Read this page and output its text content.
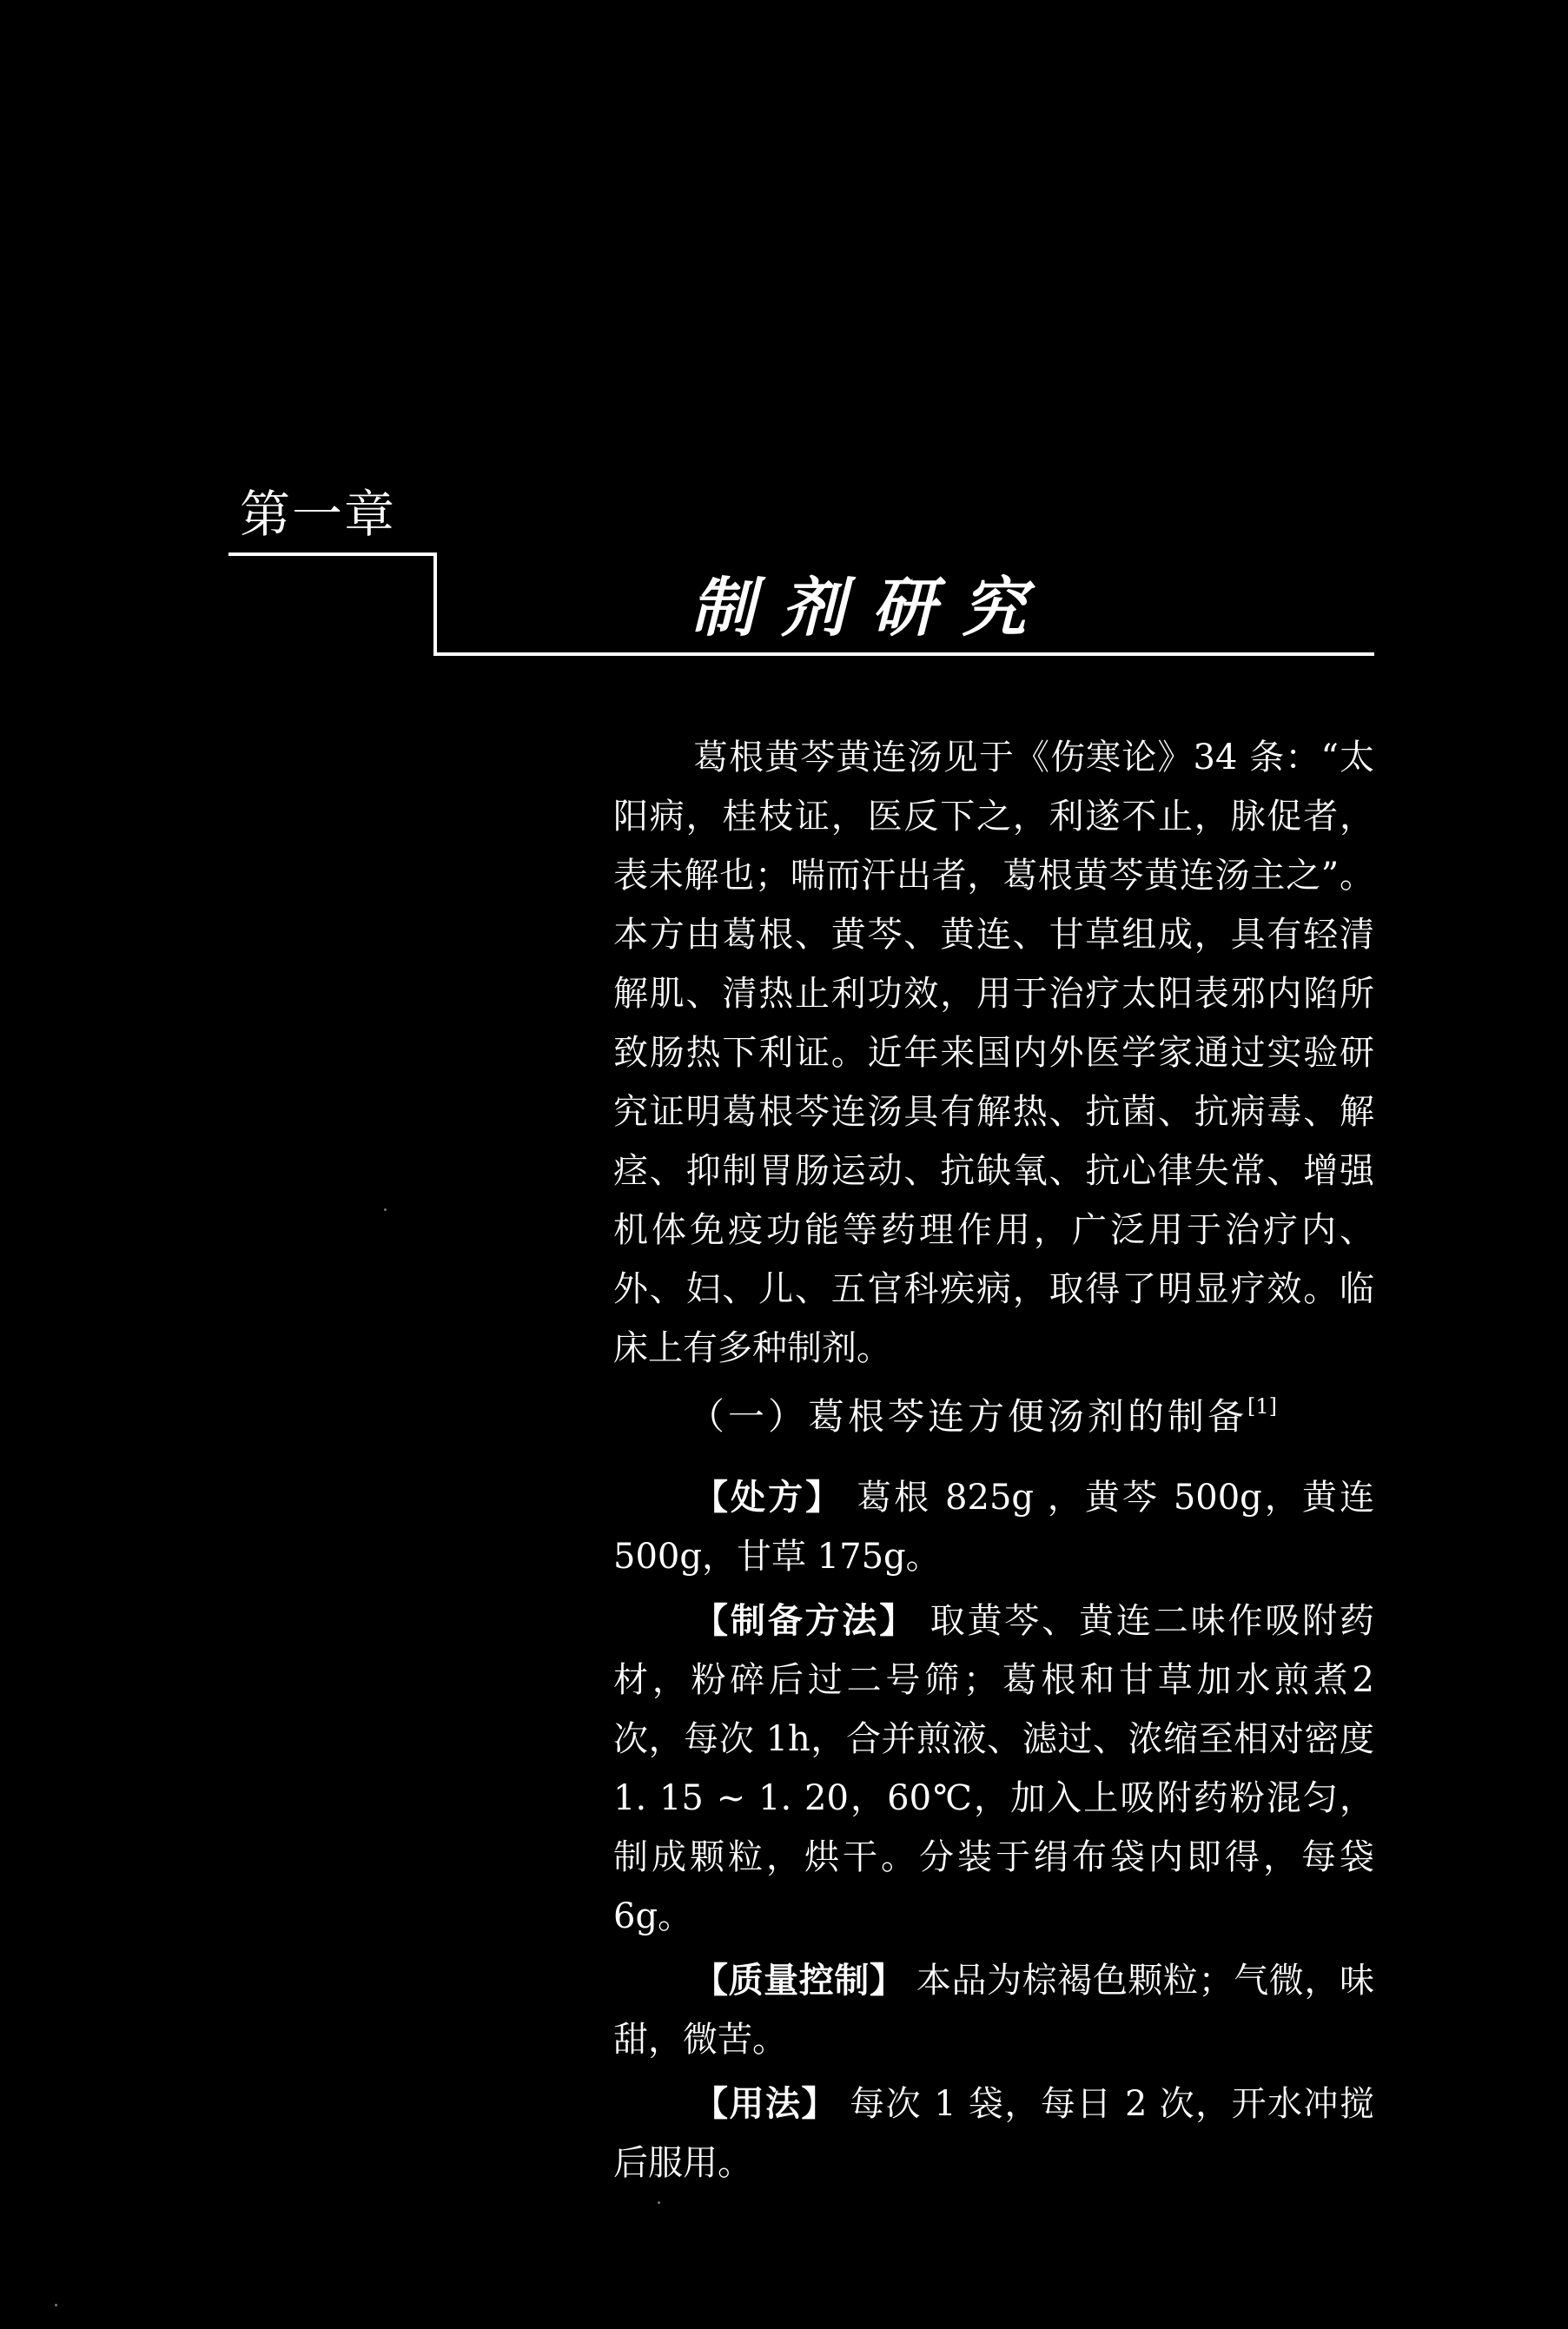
第一章
制剂研究

葛根黄芩黄连汤见于《伤寒论》34 条：“太阳病，桂枝证，医反下之，利遂不止，脉促者，表未解也；喘而汗出者，葛根黄芩黄连汤主之”。本方由葛根、黄芩、黄连、甘草组成，具有轻清解肌、清热止利功效，用于治疗太阳表邪内陷所致肠热下利证。近年来国内外医学家通过实验研究证明葛根芩连汤具有解热、抗菌、抗病毒、解痉、抑制胃肠运动、抗缺氧、抗心律失常、增强机体免疫功能等药理作用，广泛用于治疗内、外、妇、儿、五官科疾病，取得了明显疗效。临床上有多种制剂。

（一）葛根芩连方便汤剂的制备[1]

【处方】 葛根 825g ，黄芩 500g，黄连500g，甘草 175g。

【制备方法】 取黄芩、黄连二味作吸附药材，粉碎后过二号筛；葛根和甘草加水煎煮2 次，每次 1h，合并煎液、滤过、浓缩至相对密度 1. 15 ~ 1. 20，60℃，加入上吸附药粉混匀，制成颗粒，烘干。分装于绢布袋内即得，每袋 6g。

【质量控制】 本品为棕褐色颗粒；气微，味甜，微苦。

【用法】 每次 1 袋，每日 2 次，开水冲搅后服用。
